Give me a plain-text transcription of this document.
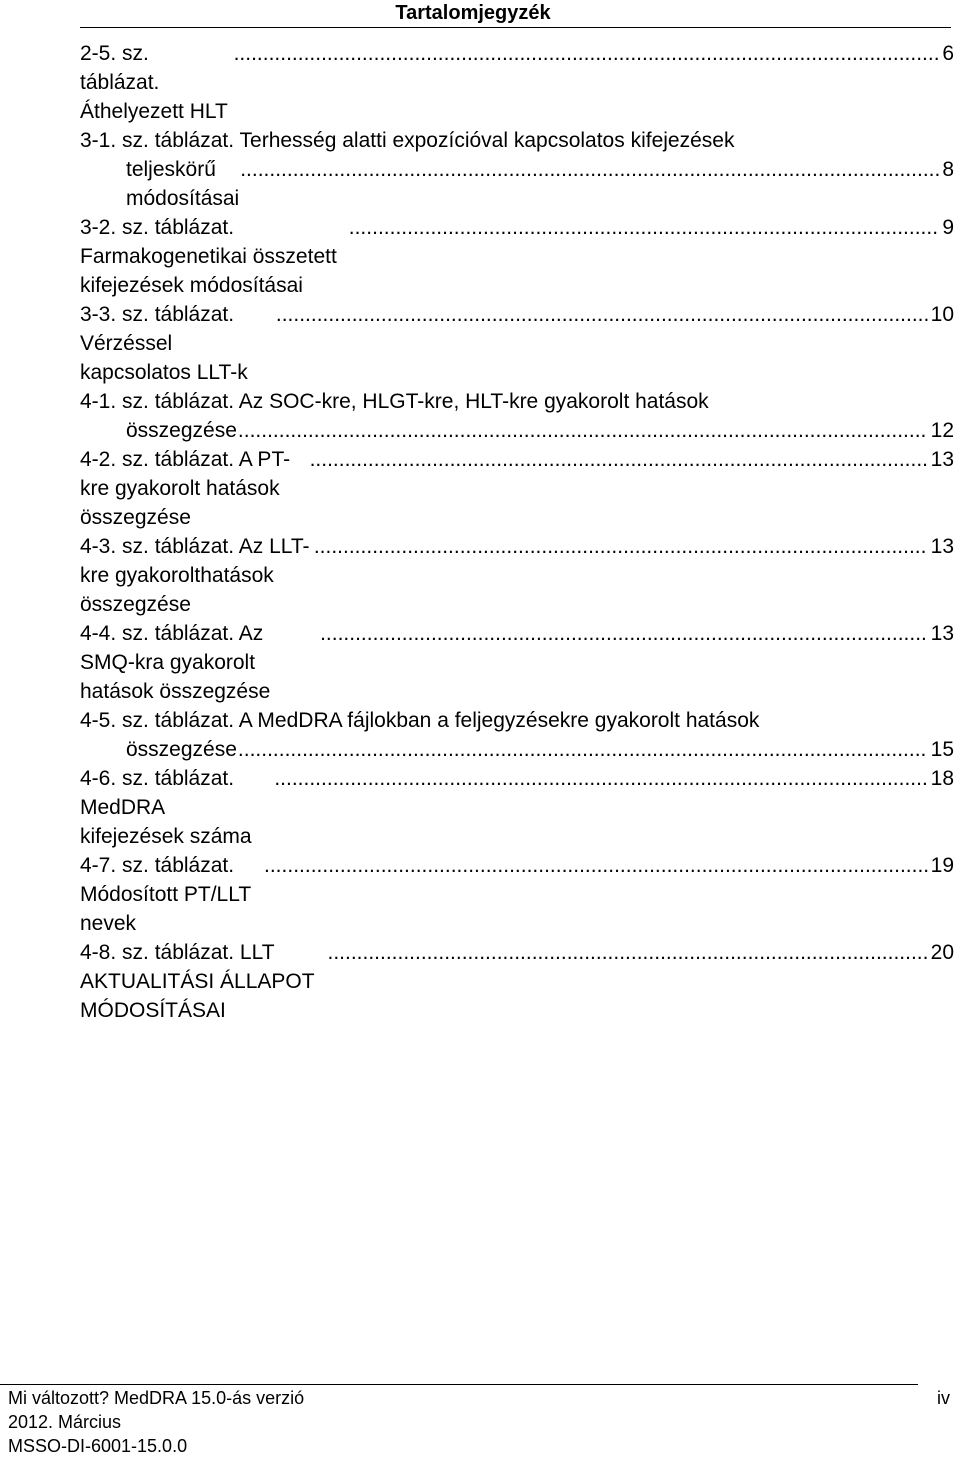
Tartalomjegyzék
2-5. sz. táblázat. Áthelyezett HLT
.....
6
3-1. sz. táblázat. Terhesség alatti expozícióval kapcsolatos kifejezések
teljeskörű módosításai
.....
8
3-2. sz. táblázat. Farmakogenetikai összetett kifejezések módosításai
.....
9
3-3. sz. táblázat. Vérzéssel kapcsolatos LLT-k
.....
10
4-1. sz. táblázat. Az SOC-kre, HLGT-kre, HLT-kre gyakorolt hatások
összegzése .....	12
4-2. sz. táblázat. A PT-kre gyakorolt hatások összegzése
.....
13
4-3. sz. táblázat. Az LLT-kre gyakorolthatások összegzése
.....
13
4-4. sz. táblázat. Az SMQ-kra gyakorolt hatások összegzése
.....
13
4-5. sz. táblázat. A MedDRA fájlokban a feljegyzésekre gyakorolt hatások
összegzése .....	15
4-6. sz. táblázat. MedDRA kifejezések száma
.....
18
4-7. sz. táblázat. Módosított PT/LLT nevek
.....
19
4-8. sz. táblázat. LLT AKTUALITÁSI ÁLLAPOT MÓDOSÍTÁSAI
.....
20
Mi változott? MedDRA 15.0-ás verzió
2012. Március
MSSO-DI-6001-15.0.0
iv
